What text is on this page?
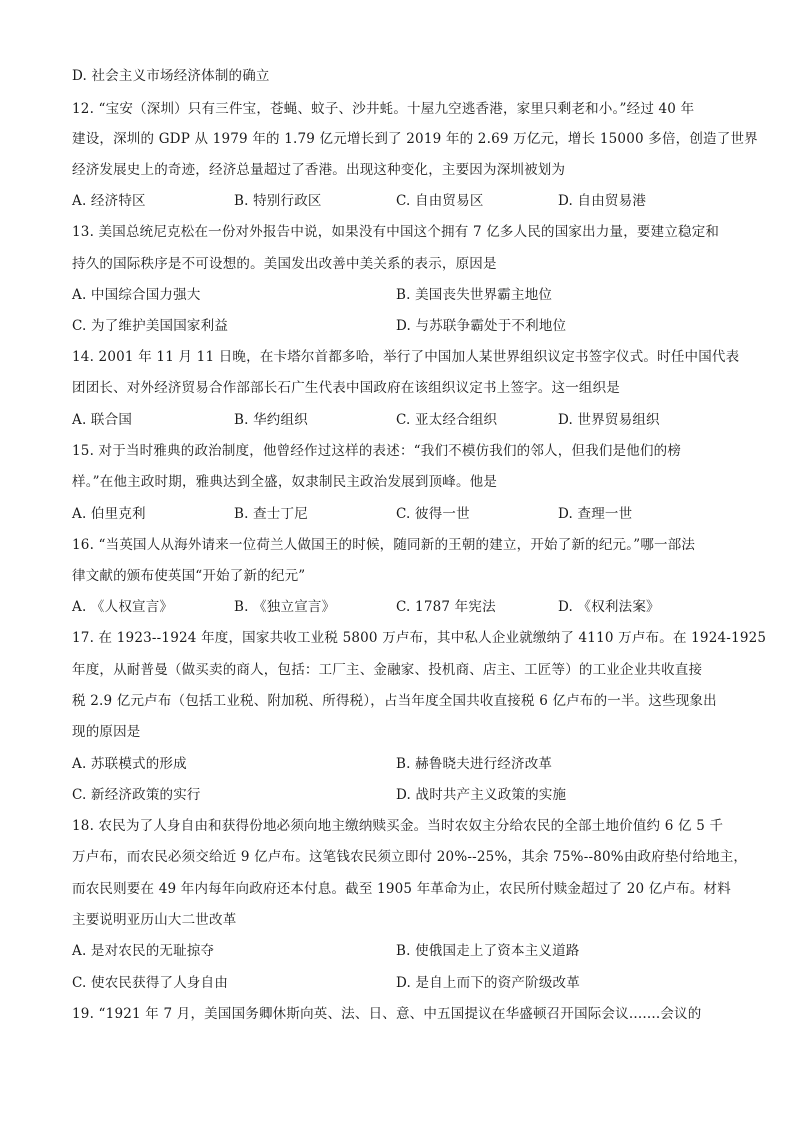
D. 社会主义市场经济体制的确立
12. “宝安（深圳）只有三件宝，苍蝇、蚊子、沙井蚝。十屋九空逃香港，家里只剩老和小。”经过 40 年
建设，深圳的 GDP 从 1979 年的 1.79 亿元增长到了 2019 年的 2.69 万亿元，增长 15000 多倍，创造了世界
经济发展史上的奇迹，经济总量超过了香港。出现这种变化，主要因为深圳被划为
A. 经济特区	B. 特别行政区	C. 自由贸易区	D. 自由贸易港
13. 美国总统尼克松在一份对外报告中说，如果没有中国这个拥有 7 亿多人民的国家出力量，要建立稳定和
持久的国际秩序是不可设想的。美国发出改善中美关系的表示，原因是
A. 中国综合国力强大	B. 美国丧失世界霸主地位
C. 为了维护美国国家利益	D. 与苏联争霸处于不利地位
14. 2001 年 11 月 11 日晚，在卡塔尔首都多哈，举行了中国加人某世界组织议定书签字仪式。时任中国代表
团团长、对外经济贸易合作部部长石广生代表中国政府在该组织议定书上签字。这一组织是
A. 联合国	B. 华约组织	C. 亚太经合组织	D. 世界贸易组织
15. 对于当时雅典的政治制度，他曾经作过这样的表述：“我们不模仿我们的邻人，但我们是他们的榜
样。”在他主政时期，雅典达到全盛，奴隶制民主政治发展到顶峰。他是
A. 伯里克利	B. 查士丁尼	C. 彼得一世	D. 查理一世
16. “当英国人从海外请来一位荷兰人做国王的时候，随同新的王朝的建立，开始了新的纪元。”哪一部法
律文献的颁布使英国“开始了新的纪元”
A. 《人权宣言》	B. 《独立宣言》	C. 1787 年宪法	D. 《权利法案》
17. 在 1923--1924 年度，国家共收工业税 5800 万卢布，其中私人企业就缴纳了 4110 万卢布。在 1924-1925
年度，从耐普曼（做买卖的商人，包括：工厂主、金融家、投机商、店主、工匠等）的工业企业共收直接
税 2.9 亿元卢布（包括工业税、附加税、所得税），占当年度全国共收直接税 6 亿卢布的一半。这些现象出
现的原因是
A. 苏联模式的形成	B. 赫鲁晓夫进行经济改革
C. 新经济政策的实行	D. 战时共产主义政策的实施
18. 农民为了人身自由和获得份地必须向地主缴纳赎买金。当时农奴主分给农民的全部土地价值约 6 亿 5 千
万卢布，而农民必须交给近 9 亿卢布。这笔钱农民须立即付 20%--25%，其余 75%--80%由政府垫付给地主，
而农民则要在 49 年内每年向政府还本付息。截至 1905 年革命为止，农民所付赎金超过了 20 亿卢布。材料
主要说明亚历山大二世改革
A. 是对农民的无耻掠夺	B. 使俄国走上了资本主义道路
C. 使农民获得了人身自由	D. 是自上而下的资产阶级改革
19. “1921 年 7 月，美国国务卿休斯向英、法、日、意、中五国提议在华盛顿召开国际会议.......会议的
